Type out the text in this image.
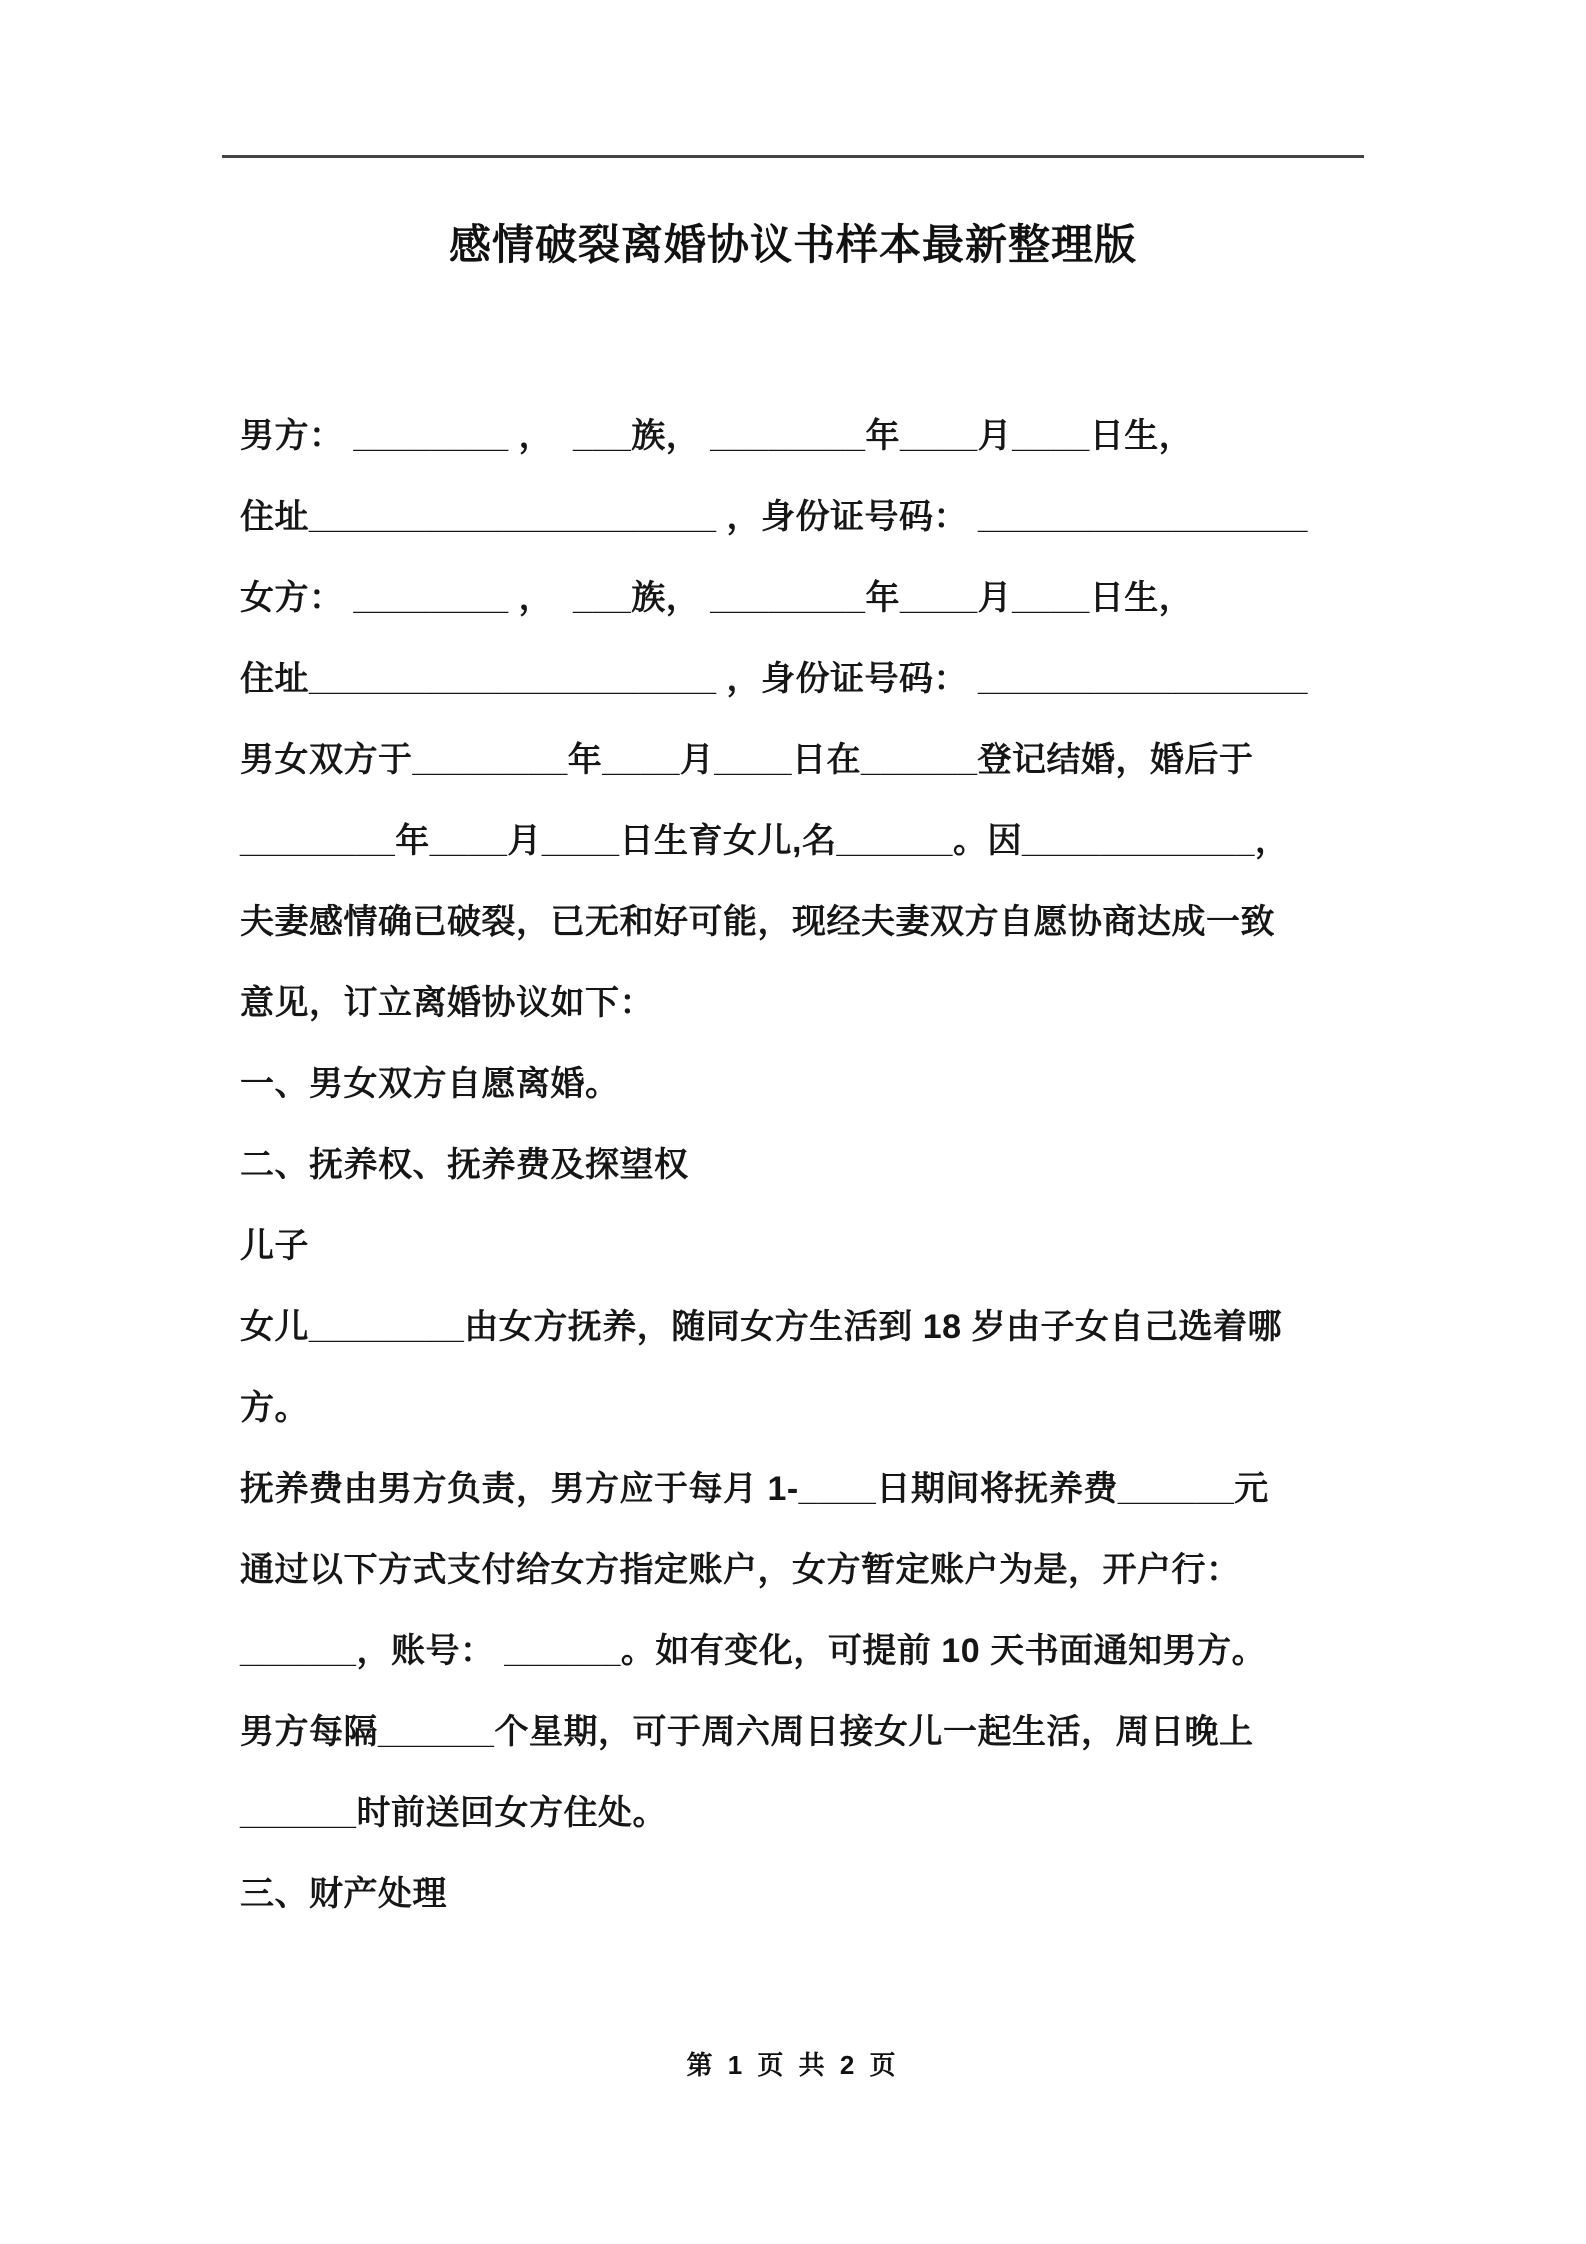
感情破裂离婚协议书样本最新整理版

男方： ________ ，  ___族， ________年____月____日生，

住址_____________________ ，身份证号码： _________________

女方： ________ ，  ___族， ________年____月____日生，

住址_____________________ ，身份证号码： _________________

男女双方于________年____月____日在______登记结婚，婚后于

________年____月____日生育女儿,名______。因____________，

夫妻感情确已破裂，已无和好可能，现经夫妻双方自愿协商达成一致

意见，订立离婚协议如下：

一、男女双方自愿离婚。

二、抚养权、抚养费及探望权

儿子

女儿________由女方抚养，随同女方生活到 18 岁由子女自己选着哪

方。

抚养费由男方负责，男方应于每月 1-____日期间将抚养费______元

通过以下方式支付给女方指定账户，女方暂定账户为是，开户行：

______，账号： ______。如有变化，可提前 10 天书面通知男方。

男方每隔______个星期，可于周六周日接女儿一起生活，周日晚上

______时前送回女方住处。

三、财产处理

第 1 页 共 2 页
